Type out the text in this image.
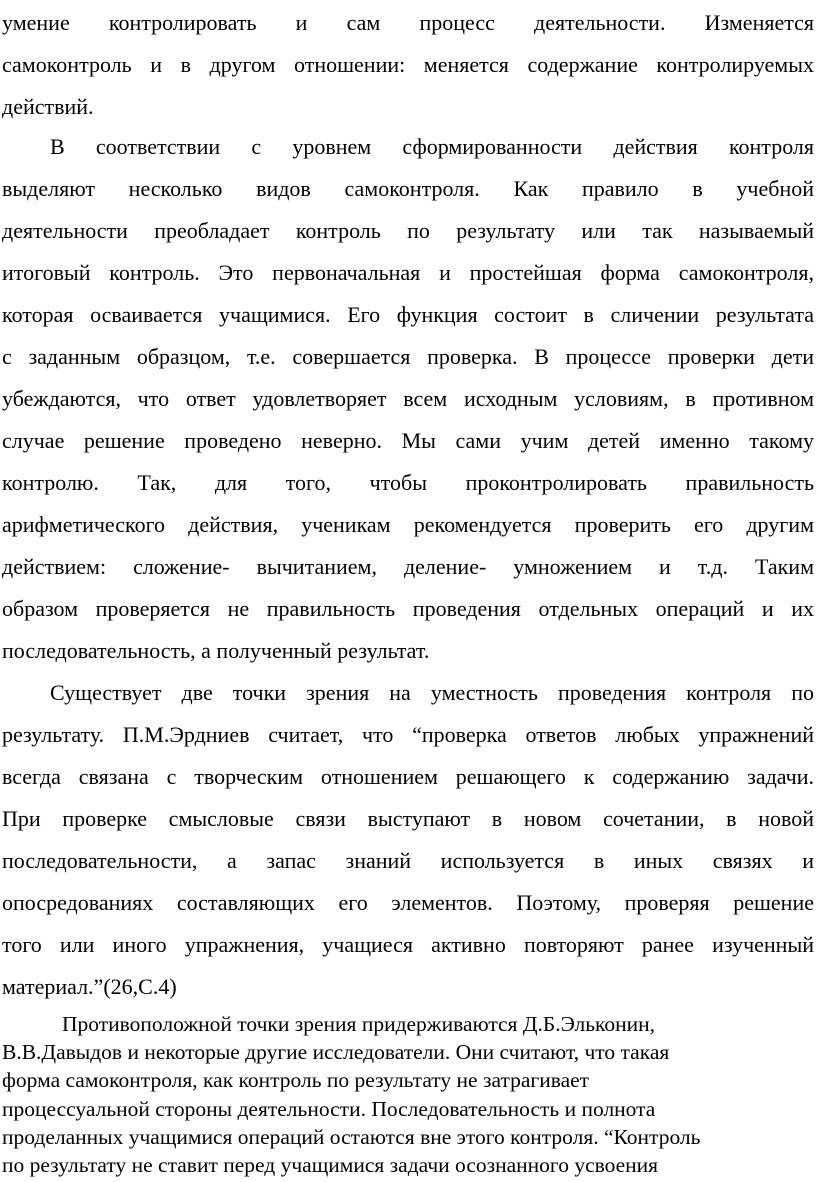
умение контролировать и сам процесс деятельности. Изменяется
самоконтроль и в другом отношении: меняется содержание контролируемых
действий.
В соответствии с уровнем сформированности действия контроля
выделяют несколько видов самоконтроля. Как правило в учебной
деятельности преобладает контроль по результату или так называемый
итоговый контроль. Это первоначальная и простейшая форма самоконтроля,
которая осваивается учащимися. Его функция состоит в сличении результата
с заданным образцом, т.е. совершается проверка. В процессе проверки дети
убеждаются, что ответ удовлетворяет всем исходным условиям, в противном
случае решение проведено неверно. Мы сами учим детей именно такому
контролю. Так, для того, чтобы проконтролировать правильность
арифметического действия, ученикам рекомендуется проверить его другим
действием: сложение- вычитанием, деление- умножением и т.д. Таким
образом проверяется не правильность проведения отдельных операций и их
последовательность, а полученный результат.
Существует две точки зрения на уместность проведения контроля по
результату. П.М.Эрдниев считает, что “проверка ответов любых упражнений
всегда связана с творческим отношением решающего к содержанию задачи.
При проверке смысловые связи выступают в новом сочетании, в новой
последовательности, а запас знаний используется в иных связях и
опосредованиях составляющих его элементов. Поэтому, проверяя решение
того или иного упражнения, учащиеся активно повторяют ранее изученный
материал.”(26,С.4)
Противоположной точки зрения придерживаются Д.Б.Эльконин,
В.В.Давыдов и некоторые другие исследователи. Они считают, что такая
форма самоконтроля, как контроль по результату не затрагивает
процессуальной стороны деятельности. Последовательность и полнота
проделанных учащимися операций остаются вне этого контроля. “Контроль
по результату не ставит перед учащимися задачи осознанного усвоения
